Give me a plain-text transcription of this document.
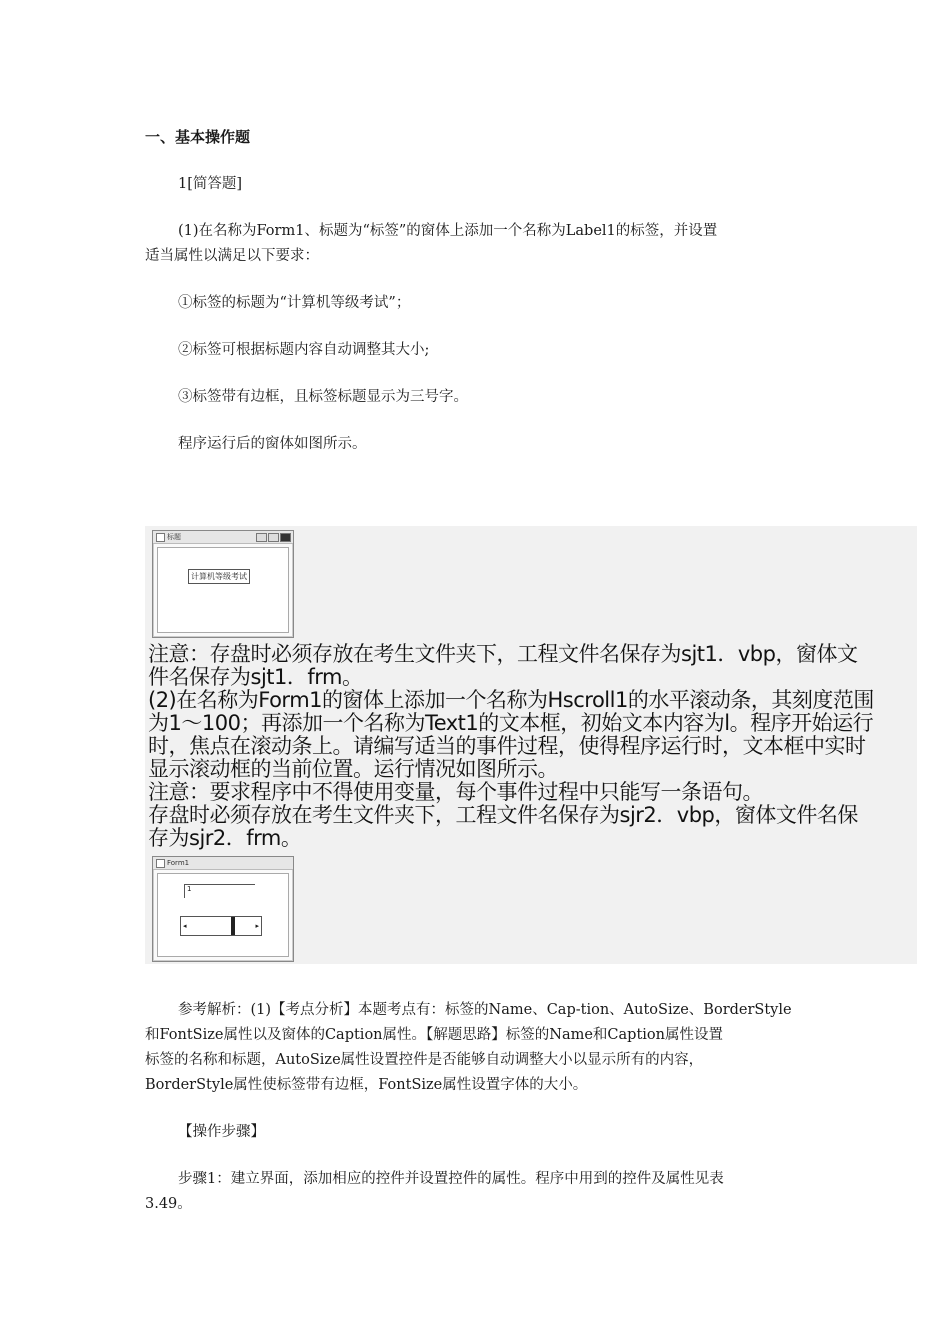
一、基本操作题
1[简答题]
(1)在名称为Form1、标题为“标签”的窗体上添加一个名称为Label1的标签，并设置
适当属性以满足以下要求：
①标签的标题为“计算机等级考试”；
②标签可根据标题内容自动调整其大小;
③标签带有边框，且标签标题显示为三号字。
程序运行后的窗体如图所示。
标题
计算机等级考试
注意：存盘时必须存放在考生文件夹下，工程文件名保存为sjt1．vbp，窗体文
件名保存为sjt1．frm。
(2)在名称为Form1的窗体上添加一个名称为Hscroll1的水平滚动条，其刻度范围
为1～100；再添加一个名称为Text1的文本框，初始文本内容为l。程序开始运行
时，焦点在滚动条上。请编写适当的事件过程，使得程序运行时，文本框中实时
显示滚动框的当前位置。运行情况如图所示。
注意：要求程序中不得使用变量，每个事件过程中只能写一条语句。
存盘时必须存放在考生文件夹下，工程文件名保存为sjr2．vbp，窗体文件名保
存为sjr2．frm。
Form1
1
◂	▸
参考解析：(1)【考点分析】本题考点有：标签的Name、Cap-tion、AutoSize、BorderStyle
和FontSize属性以及窗体的Caption属性。【解题思路】标签的Name和Caption属性设置
标签的名称和标题，AutoSize属性设置控件是否能够自动调整大小以显示所有的内容，
BorderStyle属性使标签带有边框，FontSize属性设置字体的大小。
【操作步骤】
步骤1：建立界面，添加相应的控件并设置控件的属性。程序中用到的控件及属性见表
3.49。
